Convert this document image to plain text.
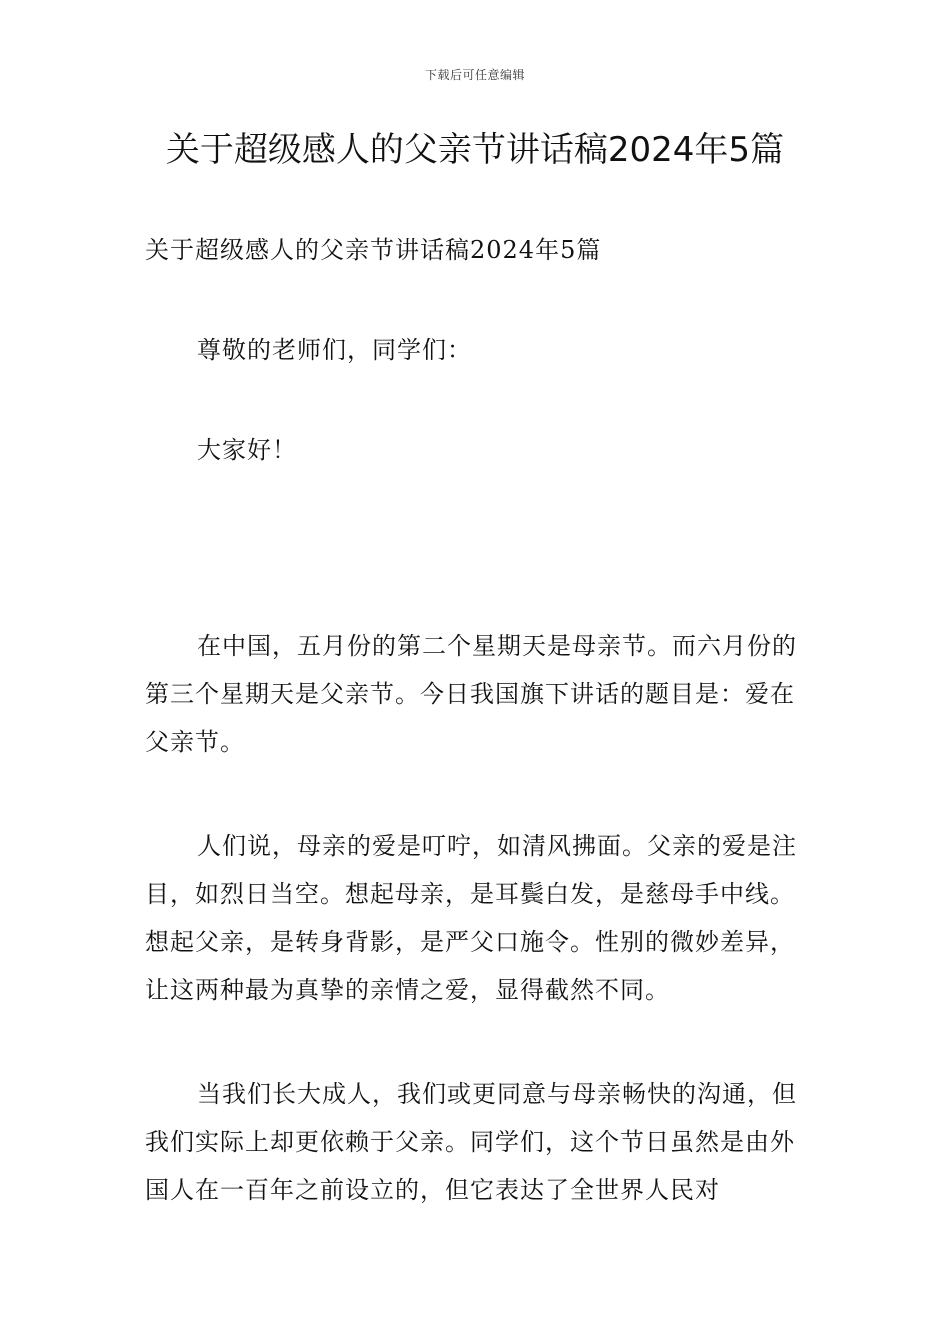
下载后可任意编辑
关于超级感人的父亲节讲话稿2024年5篇

关于超级感人的父亲节讲话稿2024年5篇

尊敬的老师们，同学们：

大家好！

在中国，五月份的第二个星期天是母亲节。而六月份的第三个星期天是父亲节。今日我国旗下讲话的题目是：爱在父亲节。

人们说，母亲的爱是叮咛，如清风拂面。父亲的爱是注目，如烈日当空。想起母亲，是耳鬓白发，是慈母手中线。想起父亲，是转身背影，是严父口施令。性别的微妙差异，让这两种最为真挚的亲情之爱，显得截然不同。

当我们长大成人，我们或更同意与母亲畅快的沟通，但我们实际上却更依赖于父亲。同学们，这个节日虽然是由外国人在一百年之前设立的，但它表达了全世界人民对
